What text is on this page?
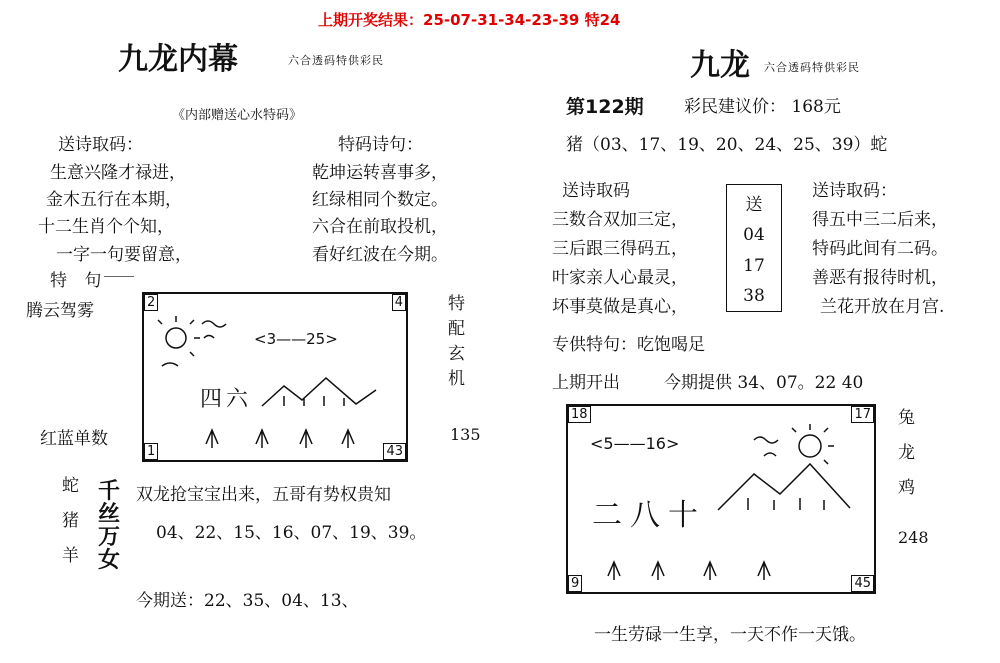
上期开奖结果：25-07-31-34-23-39 特24
九龙内幕	六合透码特供彩民
《内部赠送心水特码》
送诗取码：
生意兴隆才禄进，
金木五行在本期，
十二生肖个个知，
一字一句要留意，
特码诗句：
乾坤运转喜事多，
红绿相同个数定。
六合在前取投机，
看好红波在今期。
特 句
腾云驾雾
红蓝单数
特
配
玄
机
135
2	4
1	43
<3——25>
四六
蛇
猪
羊
千
丝
万
女
双龙抢宝宝出来，五哥有势权贵知
04、22、15、16、07、19、39。
今期送：22、35、04、13、
九龙 六合透码特供彩民
第122期 彩民建议价： 168元
猪（03、17、19、20、24、25、39）蛇
送诗取码
三数合双加三定，
三后跟三得码五，
叶家亲人心最灵，
坏事莫做是真心，
送
04
17
38
送诗取码：
得五中三二后来，
特码此间有二码。
善恶有报待时机，
兰花开放在月宫.
专供特句：吃饱喝足
上期开出	今期提供 34、07。22 40
18	17
9	45
<5——16>
二八十
兔
龙
鸡
248
一生劳碌一生享，一天不作一天饿。
